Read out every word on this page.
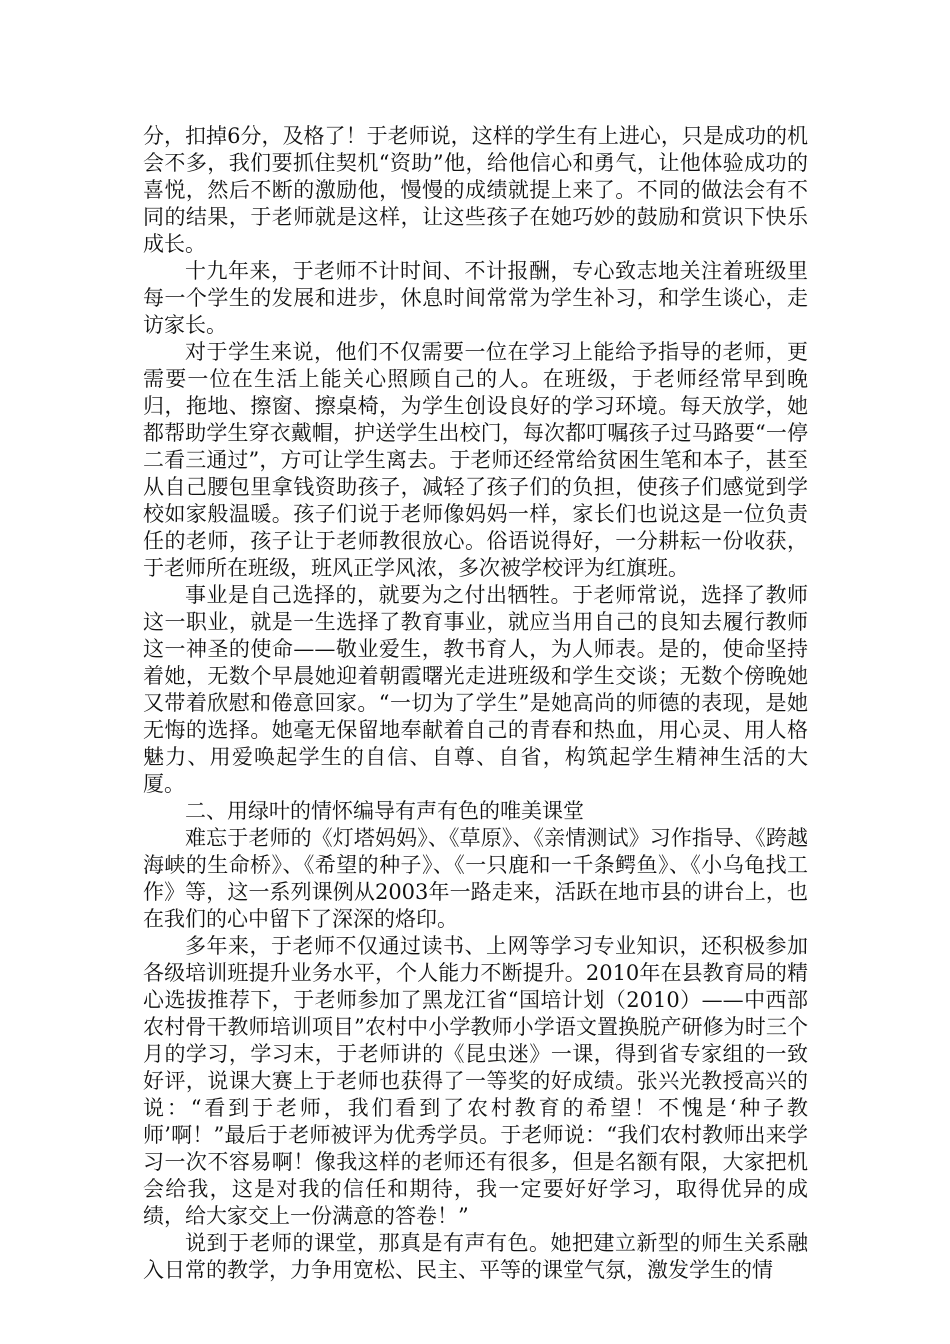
分，扣掉6分，及格了！于老师说，这样的学生有上进心，只是成功的机会不多，我们要抓住契机“资助”他，给他信心和勇气，让他体验成功的喜悦，然后不断的激励他，慢慢的成绩就提上来了。不同的做法会有不同的结果，于老师就是这样，让这些孩子在她巧妙的鼓励和赏识下快乐成长。

十九年来，于老师不计时间、不计报酬，专心致志地关注着班级里每一个学生的发展和进步，休息时间常常为学生补习，和学生谈心，走访家长。

对于学生来说，他们不仅需要一位在学习上能给予指导的老师，更需要一位在生活上能关心照顾自己的人。在班级，于老师经常早到晚归，拖地、擦窗、擦桌椅，为学生创设良好的学习环境。每天放学，她都帮助学生穿衣戴帽，护送学生出校门，每次都叮嘱孩子过马路要“一停二看三通过”，方可让学生离去。于老师还经常给贫困生笔和本子，甚至从自己腰包里拿钱资助孩子，减轻了孩子们的负担，使孩子们感觉到学校如家般温暖。孩子们说于老师像妈妈一样，家长们也说这是一位负责任的老师，孩子让于老师教很放心。俗语说得好，一分耕耘一份收获，于老师所在班级，班风正学风浓，多次被学校评为红旗班。

事业是自己选择的，就要为之付出牺牲。于老师常说，选择了教师这一职业，就是一生选择了教育事业，就应当用自己的良知去履行教师这一神圣的使命——敬业爱生，教书育人，为人师表。是的，使命坚持着她，无数个早晨她迎着朝霞曙光走进班级和学生交谈；无数个傍晚她又带着欣慰和倦意回家。“一切为了学生”是她高尚的师德的表现，是她无悔的选择。她毫无保留地奉献着自己的青春和热血，用心灵、用人格魅力、用爱唤起学生的自信、自尊、自省，构筑起学生精神生活的大厦。

二、用绿叶的情怀编导有声有色的唯美课堂

难忘于老师的《灯塔妈妈》、《草原》、《亲情测试》习作指导、《跨越海峡的生命桥》、《希望的种子》、《一只鹿和一千条鳄鱼》、《小乌龟找工作》等，这一系列课例从2003年一路走来，活跃在地市县的讲台上，也在我们的心中留下了深深的烙印。

多年来，于老师不仅通过读书、上网等学习专业知识，还积极参加各级培训班提升业务水平，个人能力不断提升。2010年在县教育局的精心选拔推荐下，于老师参加了黑龙江省“国培计划（2010）——中西部农村骨干教师培训项目”农村中小学教师小学语文置换脱产研修为时三个月的学习，学习末，于老师讲的《昆虫迷》一课，得到省专家组的一致好评，说课大赛上于老师也获得了一等奖的好成绩。张兴光教授高兴的说：“看到于老师，我们看到了农村教育的希望！不愧是‘种子教师’啊！”最后于老师被评为优秀学员。于老师说：“我们农村教师出来学习一次不容易啊！像我这样的老师还有很多，但是名额有限，大家把机会给我，这是对我的信任和期待，我一定要好好学习，取得优异的成绩，给大家交上一份满意的答卷！”

说到于老师的课堂，那真是有声有色。她把建立新型的师生关系融入日常的教学，力争用宽松、民主、平等的课堂气氛，激发学生的情
